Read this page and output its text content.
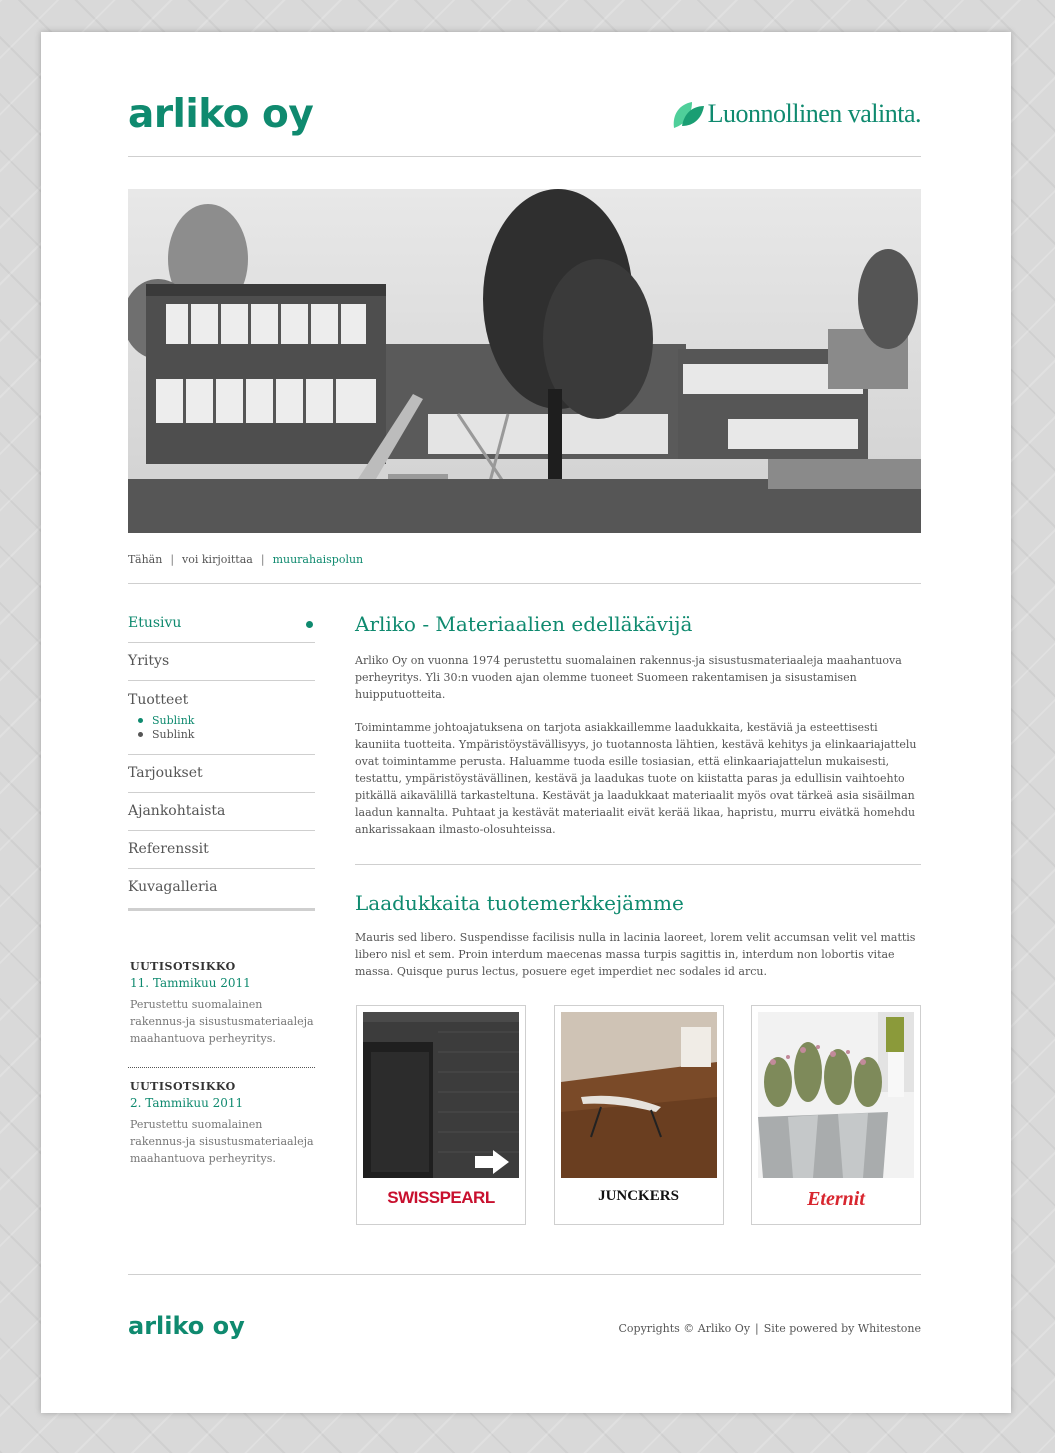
arliko oy	Luonnollinen valinta.
Tähän | voi kirjoittaa | muurahaispolun
Etusivu
Yritys
Tuotteet
Sublink
Sublink
Tarjoukset
Ajankohtaista
Referenssit
Kuvagalleria
UUTISOTSIKKO
11. Tammikuu 2011
Perustettu suomalainen rakennus-ja sisustusmateriaaleja maahantuova perheyritys.
UUTISOTSIKKO
2. Tammikuu 2011
Perustettu suomalainen rakennus-ja sisustusmateriaaleja maahantuova perheyritys.
Arliko - Materiaalien edelläkävijä

Arliko Oy on vuonna 1974 perustettu suomalainen rakennus-ja sisustusmateriaaleja maahantuova perheyritys. Yli 30:n vuoden ajan olemme tuoneet Suomeen rakentamisen ja sisustamisen huipputuotteita.

Toimintamme johtoajatuksena on tarjota asiakkaillemme laadukkaita, kestäviä ja esteettisesti kauniita tuotteita. Ympäristöystävällisyys, jo tuotannosta lähtien, kestävä kehitys ja elinkaariajattelu ovat toimintamme perusta. Haluamme tuoda esille tosiasian, että elinkaariajattelun mukaisesti, testattu, ympäristöystävällinen, kestävä ja laadukas tuote on kiistatta paras ja edullisin vaihtoehto pitkällä aikavälillä tarkasteltuna. Kestävät ja laadukkaat materiaalit myös ovat tärkeä asia sisäilman laadun kannalta. Puhtaat ja kestävät materiaalit eivät kerää likaa, hapristu, murru eivätkä homehdu ankarissakaan ilmasto-olosuhteissa.

Laadukkaita tuotemerkkejämme

Mauris sed libero. Suspendisse facilisis nulla in lacinia laoreet, lorem velit accumsan velit vel mattis libero nisl et sem. Proin interdum maecenas massa turpis sagittis in, interdum non lobortis vitae massa. Quisque purus lectus, posuere eget imperdiet nec sodales id arcu.

SWISSPEARL	JUNCKERS	Eternit
arliko oy	Copyrights © Arliko Oy | Site powered by Whitestone
